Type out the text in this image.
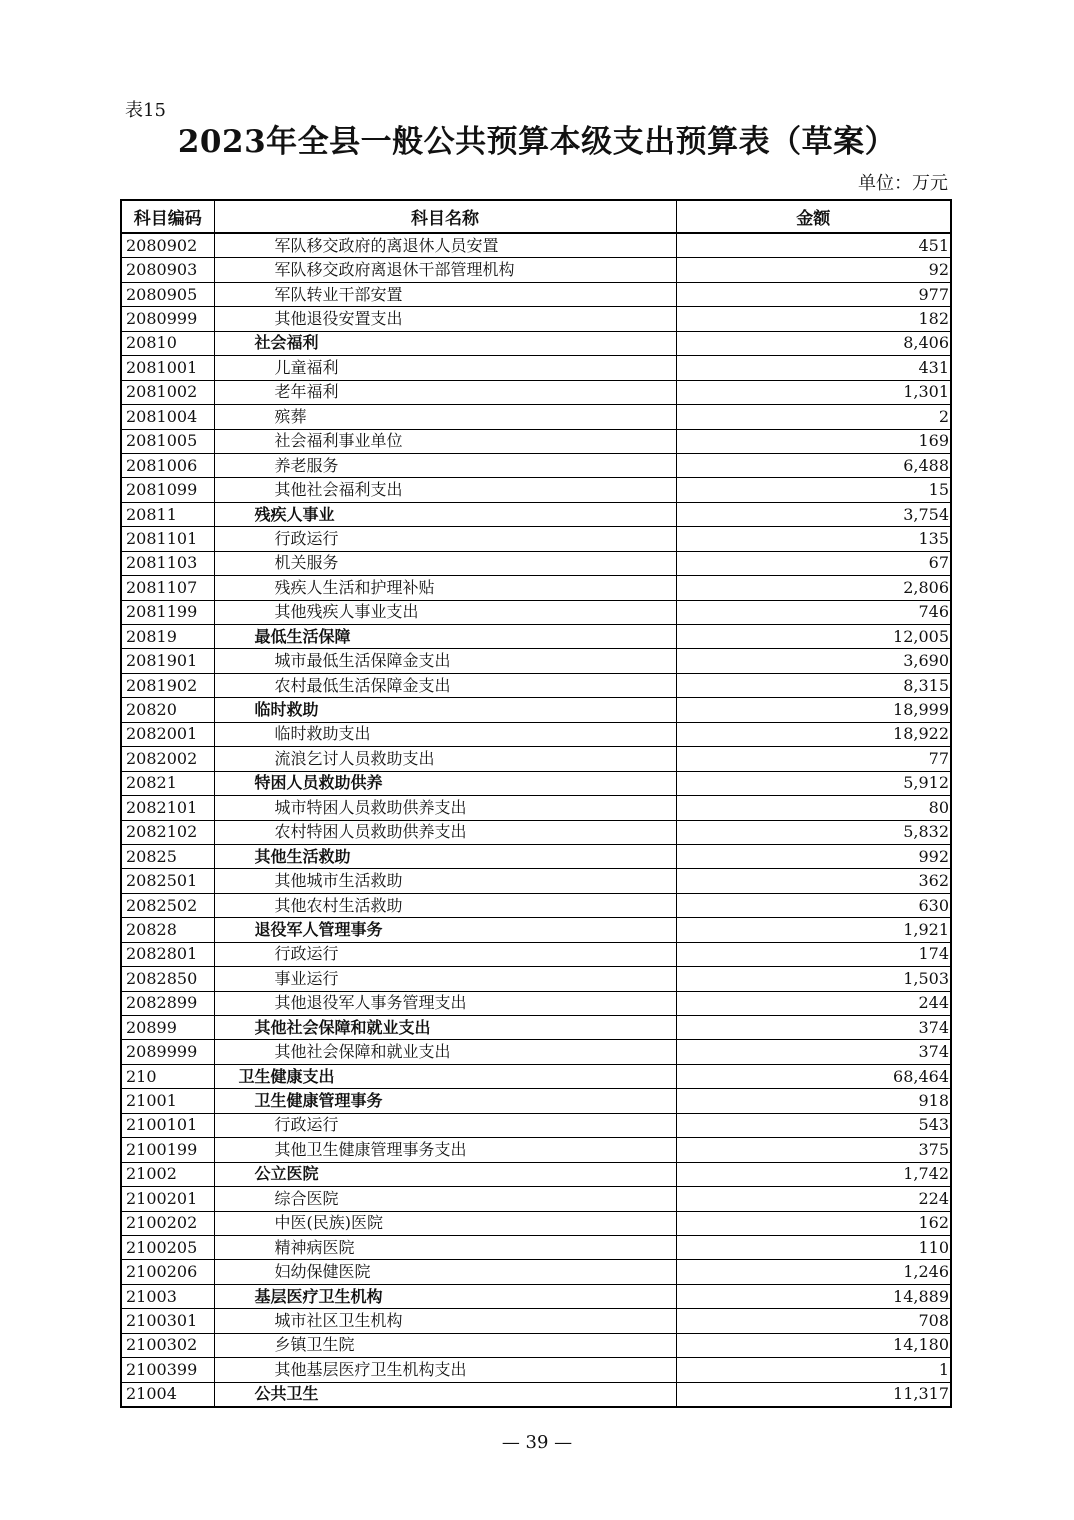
表15
2023年全县一般公共预算本级支出预算表（草案）
单位：万元
科目编码	科目名称	金额
2080902	军队移交政府的离退休人员安置	451
2080903	军队移交政府离退休干部管理机构	92
2080905	军队转业干部安置	977
2080999	其他退役安置支出	182
20810	社会福利	8,406
2081001	儿童福利	431
2081002	老年福利	1,301
2081004	殡葬	2
2081005	社会福利事业单位	169
2081006	养老服务	6,488
2081099	其他社会福利支出	15
20811	残疾人事业	3,754
2081101	行政运行	135
2081103	机关服务	67
2081107	残疾人生活和护理补贴	2,806
2081199	其他残疾人事业支出	746
20819	最低生活保障	12,005
2081901	城市最低生活保障金支出	3,690
2081902	农村最低生活保障金支出	8,315
20820	临时救助	18,999
2082001	临时救助支出	18,922
2082002	流浪乞讨人员救助支出	77
20821	特困人员救助供养	5,912
2082101	城市特困人员救助供养支出	80
2082102	农村特困人员救助供养支出	5,832
20825	其他生活救助	992
2082501	其他城市生活救助	362
2082502	其他农村生活救助	630
20828	退役军人管理事务	1,921
2082801	行政运行	174
2082850	事业运行	1,503
2082899	其他退役军人事务管理支出	244
20899	其他社会保障和就业支出	374
2089999	其他社会保障和就业支出	374
210	卫生健康支出	68,464
21001	卫生健康管理事务	918
2100101	行政运行	543
2100199	其他卫生健康管理事务支出	375
21002	公立医院	1,742
2100201	综合医院	224
2100202	中医(民族)医院	162
2100205	精神病医院	110
2100206	妇幼保健医院	1,246
21003	基层医疗卫生机构	14,889
2100301	城市社区卫生机构	708
2100302	乡镇卫生院	14,180
2100399	其他基层医疗卫生机构支出	1
21004	公共卫生	11,317
— 39 —
